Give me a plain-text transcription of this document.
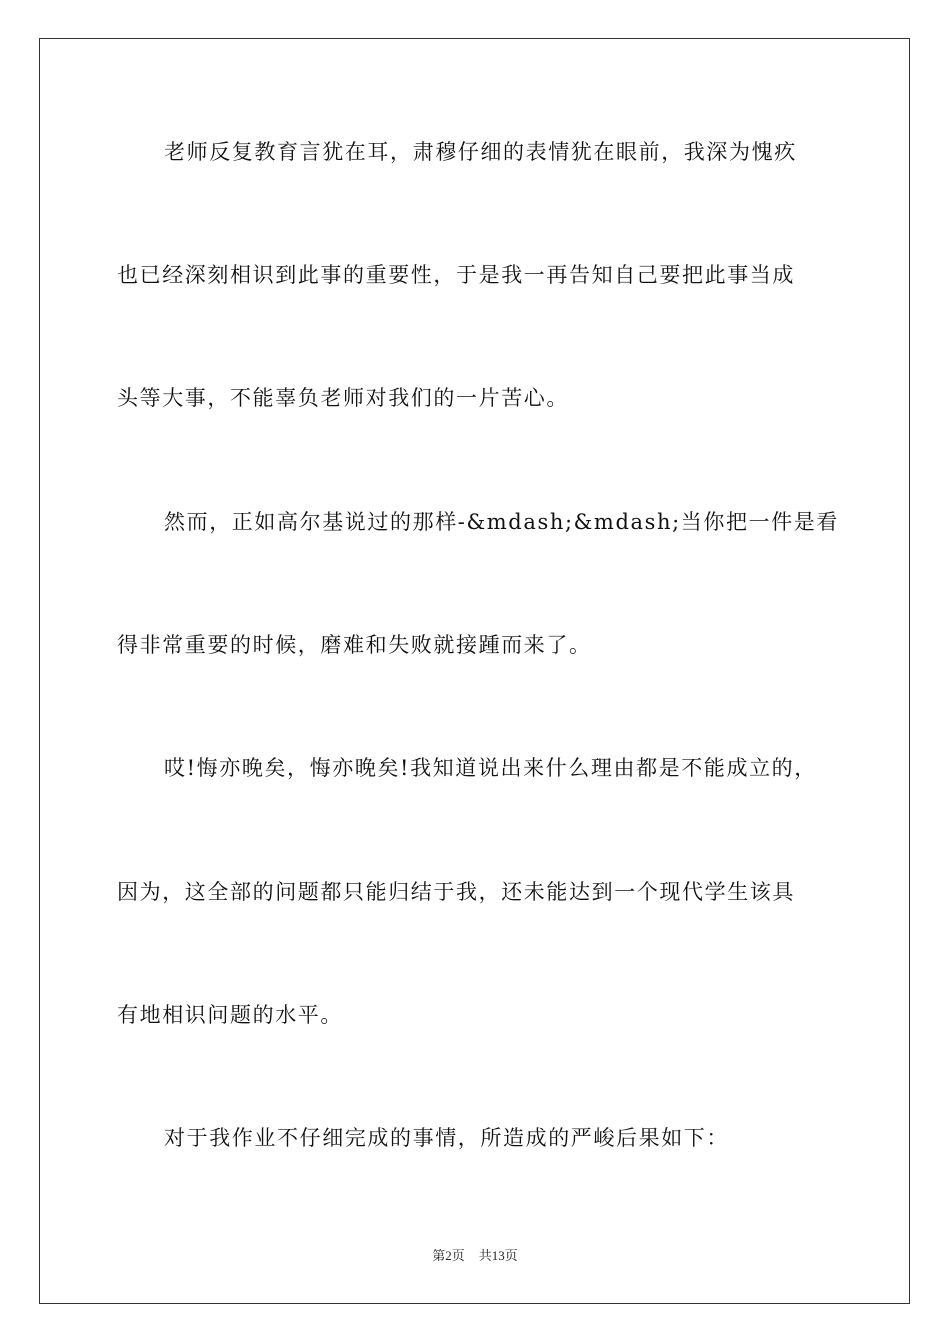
老师反复教育言犹在耳，肃穆仔细的表情犹在眼前，我深为愧疚
也已经深刻相识到此事的重要性，于是我一再告知自己要把此事当成
头等大事，不能辜负老师对我们的一片苦心。
然而，正如高尔基说过的那样-&mdash;&mdash;当你把一件是看
得非常重要的时候，磨难和失败就接踵而来了。
哎!悔亦晚矣，悔亦晚矣!我知道说出来什么理由都是不能成立的，
因为，这全部的问题都只能归结于我，还未能达到一个现代学生该具
有地相识问题的水平。
对于我作业不仔细完成的事情，所造成的严峻后果如下：
第2页 共13页
